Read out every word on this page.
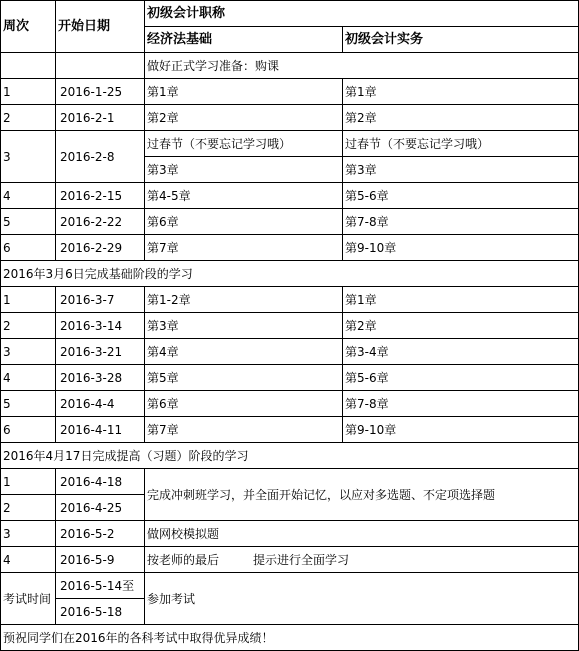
周次	开始日期	初级会计职称	
		经济法基础	初级会计实务
		做好正式学习准备：购课	
1	2016-1-25	第1章	第1章
2	2016-2-1	第2章	第2章
3	2016-2-8	过春节（不要忘记学习哦）	过春节（不要忘记学习哦）
		第3章	第3章
4	2016-2-15	第4-5章	第5-6章
5	2016-2-22	第6章	第7-8章
6	2016-2-29	第7章	第9-10章
2016年3月6日完成基础阶段的学习			
1	2016-3-7	第1-2章	第1章
2	2016-3-14	第3章	第2章
3	2016-3-21	第4章	第3-4章
4	2016-3-28	第5章	第5-6章
5	2016-4-4	第6章	第7-8章
6	2016-4-11	第7章	第9-10章
2016年4月17日完成提高（习题）阶段的学习			
1	2016-4-18	完成冲刺班学习，并全面开始记忆，以应对多选题、不定项选择题	
2	2016-4-25		
3	2016-5-2	做网校模拟题	
4	2016-5-9	按老师的最后 提示进行全面学习	
考试时间	2016-5-14至	参加考试	
	2016-5-18		
预祝同学们在2016年的各科考试中取得优异成绩！			
